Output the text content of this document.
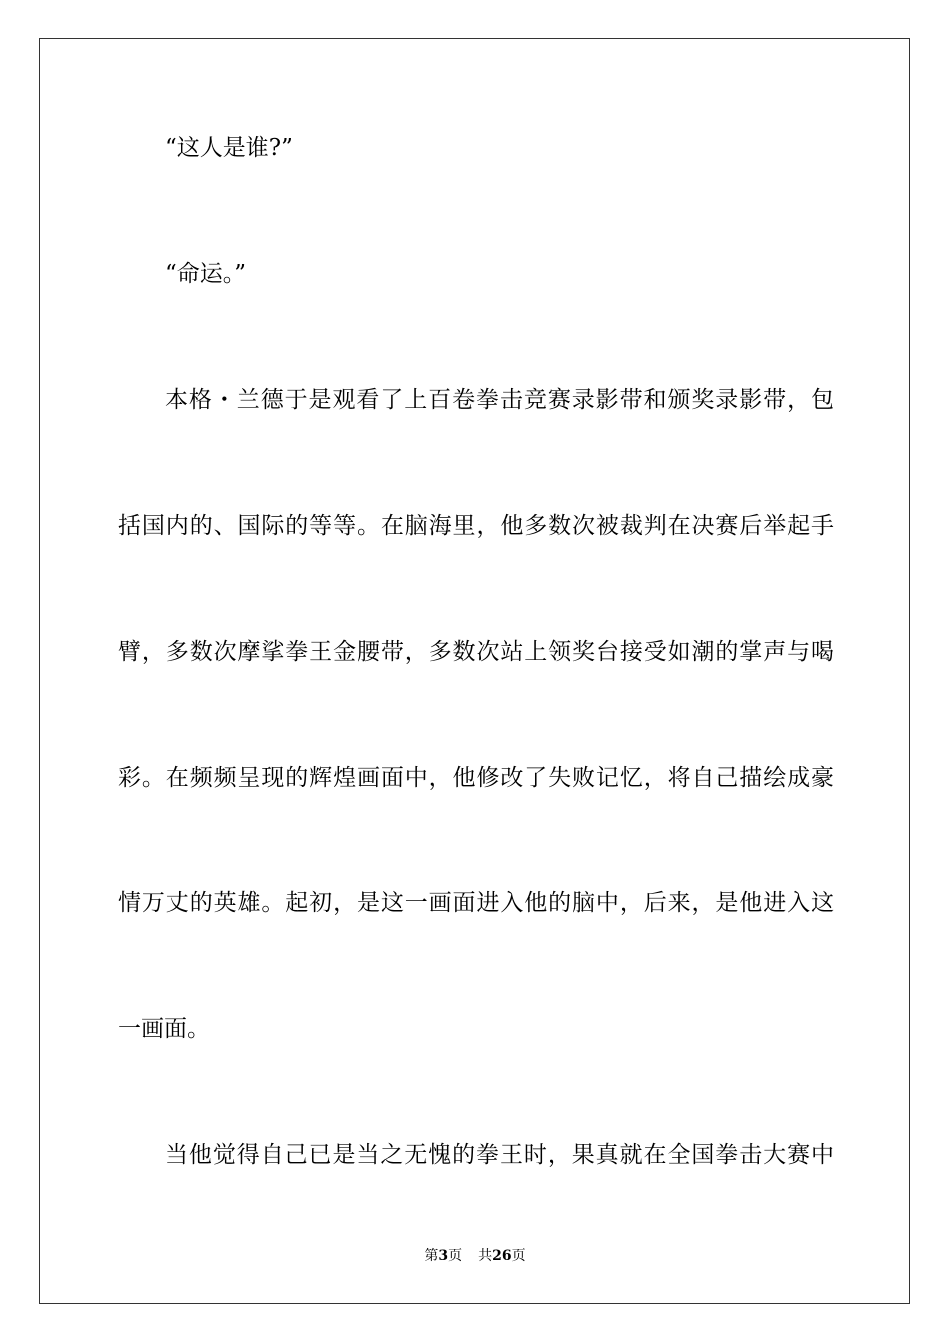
“这人是谁?”
“命运。”
本格・兰德于是观看了上百卷拳击竞赛录影带和颁奖录影带，包
括国内的、国际的等等。在脑海里，他多数次被裁判在决赛后举起手
臂，多数次摩挲拳王金腰带，多数次站上领奖台接受如潮的掌声与喝
彩。在频频呈现的辉煌画面中，他修改了失败记忆，将自己描绘成豪
情万丈的英雄。起初，是这一画面进入他的脑中，后来，是他进入这
一画面。
当他觉得自己已是当之无愧的拳王时，果真就在全国拳击大赛中
第3页 共26页
